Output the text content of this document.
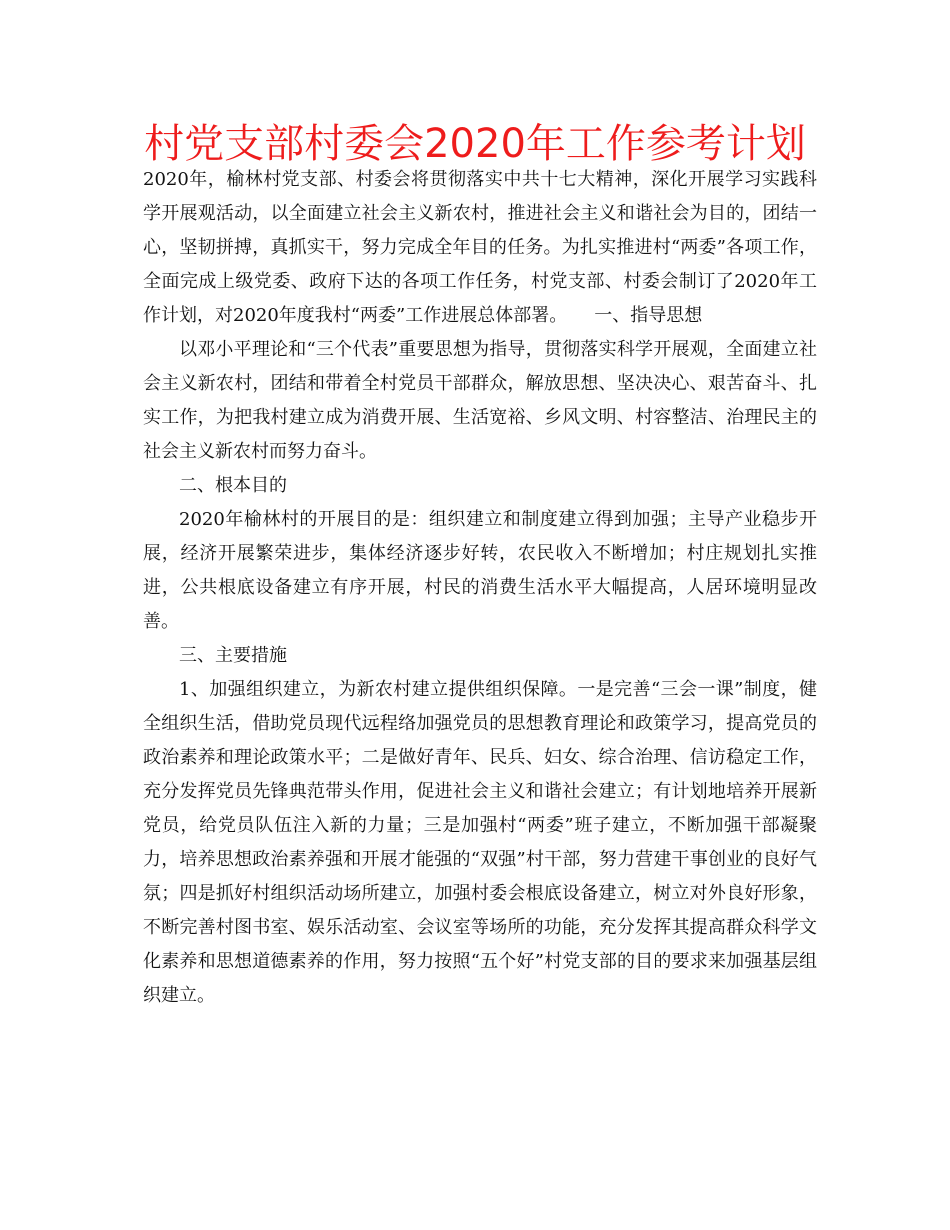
村党支部村委会2020年工作参考计划

2020年，榆林村党支部、村委会将贯彻落实中共十七大精神，深化开展学习实践科学开展观活动，以全面建立社会主义新农村，推进社会主义和谐社会为目的，团结一心，坚韧拼搏，真抓实干，努力完成全年目的任务。为扎实推进村“两委”各项工作，全面完成上级党委、政府下达的各项工作任务，村党支部、村委会制订了2020年工作计划，对2020年度我村“两委”工作进展总体部署。　　一、指导思想

以邓小平理论和“三个代表”重要思想为指导，贯彻落实科学开展观，全面建立社会主义新农村，团结和带着全村党员干部群众，解放思想、坚决决心、艰苦奋斗、扎实工作，为把我村建立成为消费开展、生活宽裕、乡风文明、村容整洁、治理民主的社会主义新农村而努力奋斗。

二、根本目的

2020年榆林村的开展目的是：组织建立和制度建立得到加强；主导产业稳步开展，经济开展繁荣进步，集体经济逐步好转，农民收入不断增加；村庄规划扎实推进，公共根底设备建立有序开展，村民的消费生活水平大幅提高，人居环境明显改善。

三、主要措施

1、加强组织建立，为新农村建立提供组织保障。一是完善“三会一课”制度，健全组织生活，借助党员现代远程络加强党员的思想教育理论和政策学习，提高党员的政治素养和理论政策水平；二是做好青年、民兵、妇女、综合治理、信访稳定工作，充分发挥党员先锋典范带头作用，促进社会主义和谐社会建立；有计划地培养开展新党员，给党员队伍注入新的力量；三是加强村“两委”班子建立，不断加强干部凝聚力，培养思想政治素养强和开展才能强的“双强”村干部，努力营建干事创业的良好气氛；四是抓好村组织活动场所建立，加强村委会根底设备建立，树立对外良好形象，不断完善村图书室、娱乐活动室、会议室等场所的功能，充分发挥其提高群众科学文化素养和思想道德素养的作用，努力按照“五个好”村党支部的目的要求来加强基层组织建立。
